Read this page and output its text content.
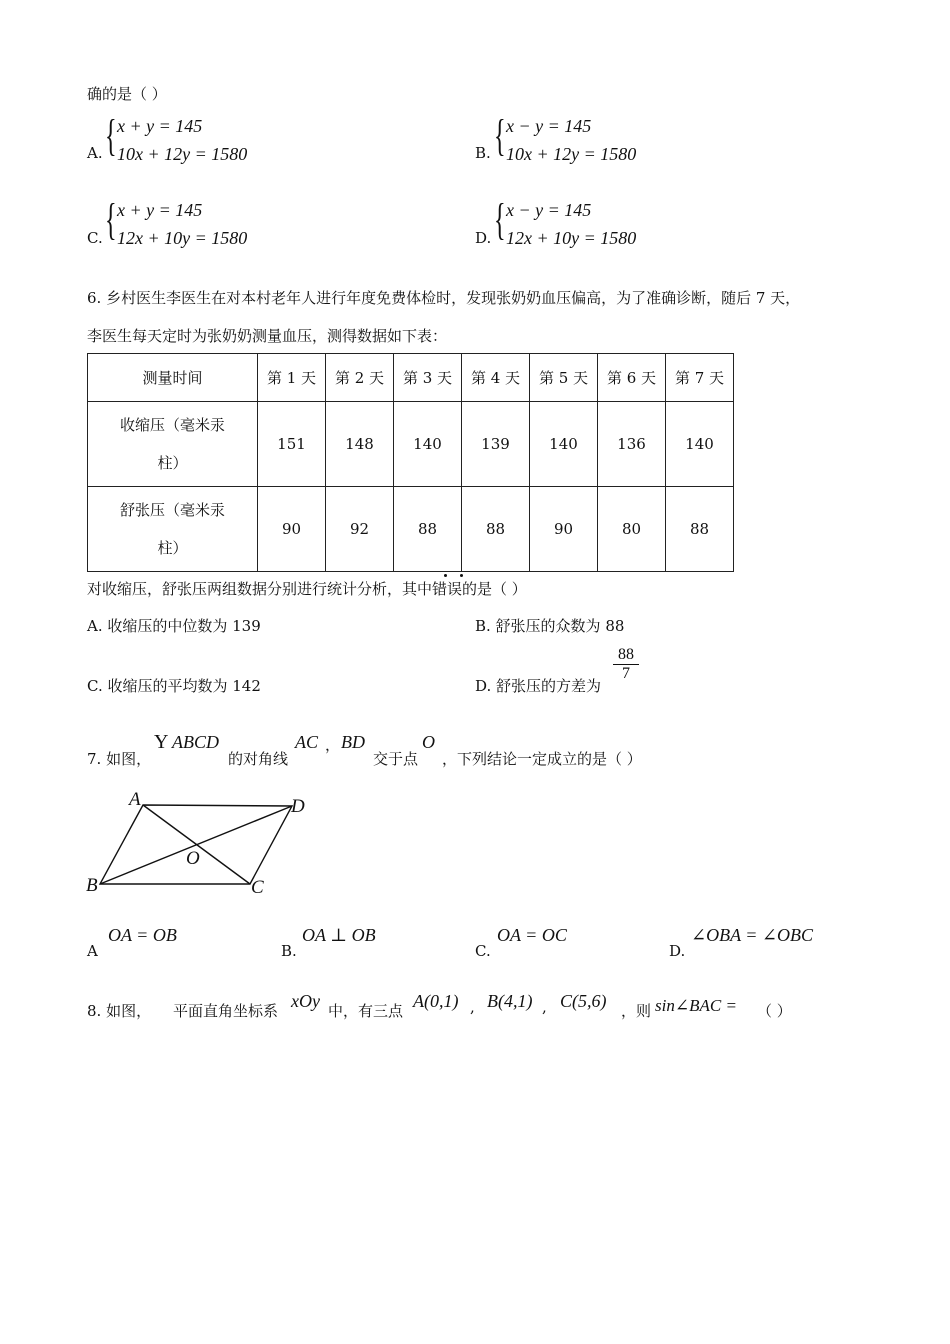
确的是（ ）
A. { x + y = 145
10x + 12y = 1580	B. { x − y = 145
10x + 12y = 1580
C. { x + y = 145
12x + 10y = 1580	D. { x − y = 145
12x + 10y = 1580
6. 乡村医生李医生在对本村老年人进行年度免费体检时，发现张奶奶血压偏高，为了准确诊断，随后 7 天，
李医生每天定时为张奶奶测量血压，测得数据如下表：
测量时间	第 1 天	第 2 天	第 3 天	第 4 天	第 5 天	第 6 天	第 7 天

收缩压（毫米汞
柱）	151	148	140	139	140	136	140

舒张压（毫米汞
柱）	90	92	88	88	90	80	88
对收缩压，舒张压两组数据分别进行统计分析，其中错误的是（ ）
A. 收缩压的中位数为 139	B. 舒张压的众数为 88
C. 收缩压的平均数为 142	D. 舒张压的方差为
$\frac{88}{7}$
7. 如图，
Y ABCD
的对角线
AC ， BD
交于点
O
，下列结论一定成立的是（ ）
A	D
O
B	C
A
OA = OB
B.
OA ⊥ OB
C.
OA = OC
D.
∠OBA = ∠OBC
8. 如图， 平面直角坐标系 xOy 中，有三点 A(0,1) , B(4,1) , C(5,6) ，则 sin∠BAC = （ ）
